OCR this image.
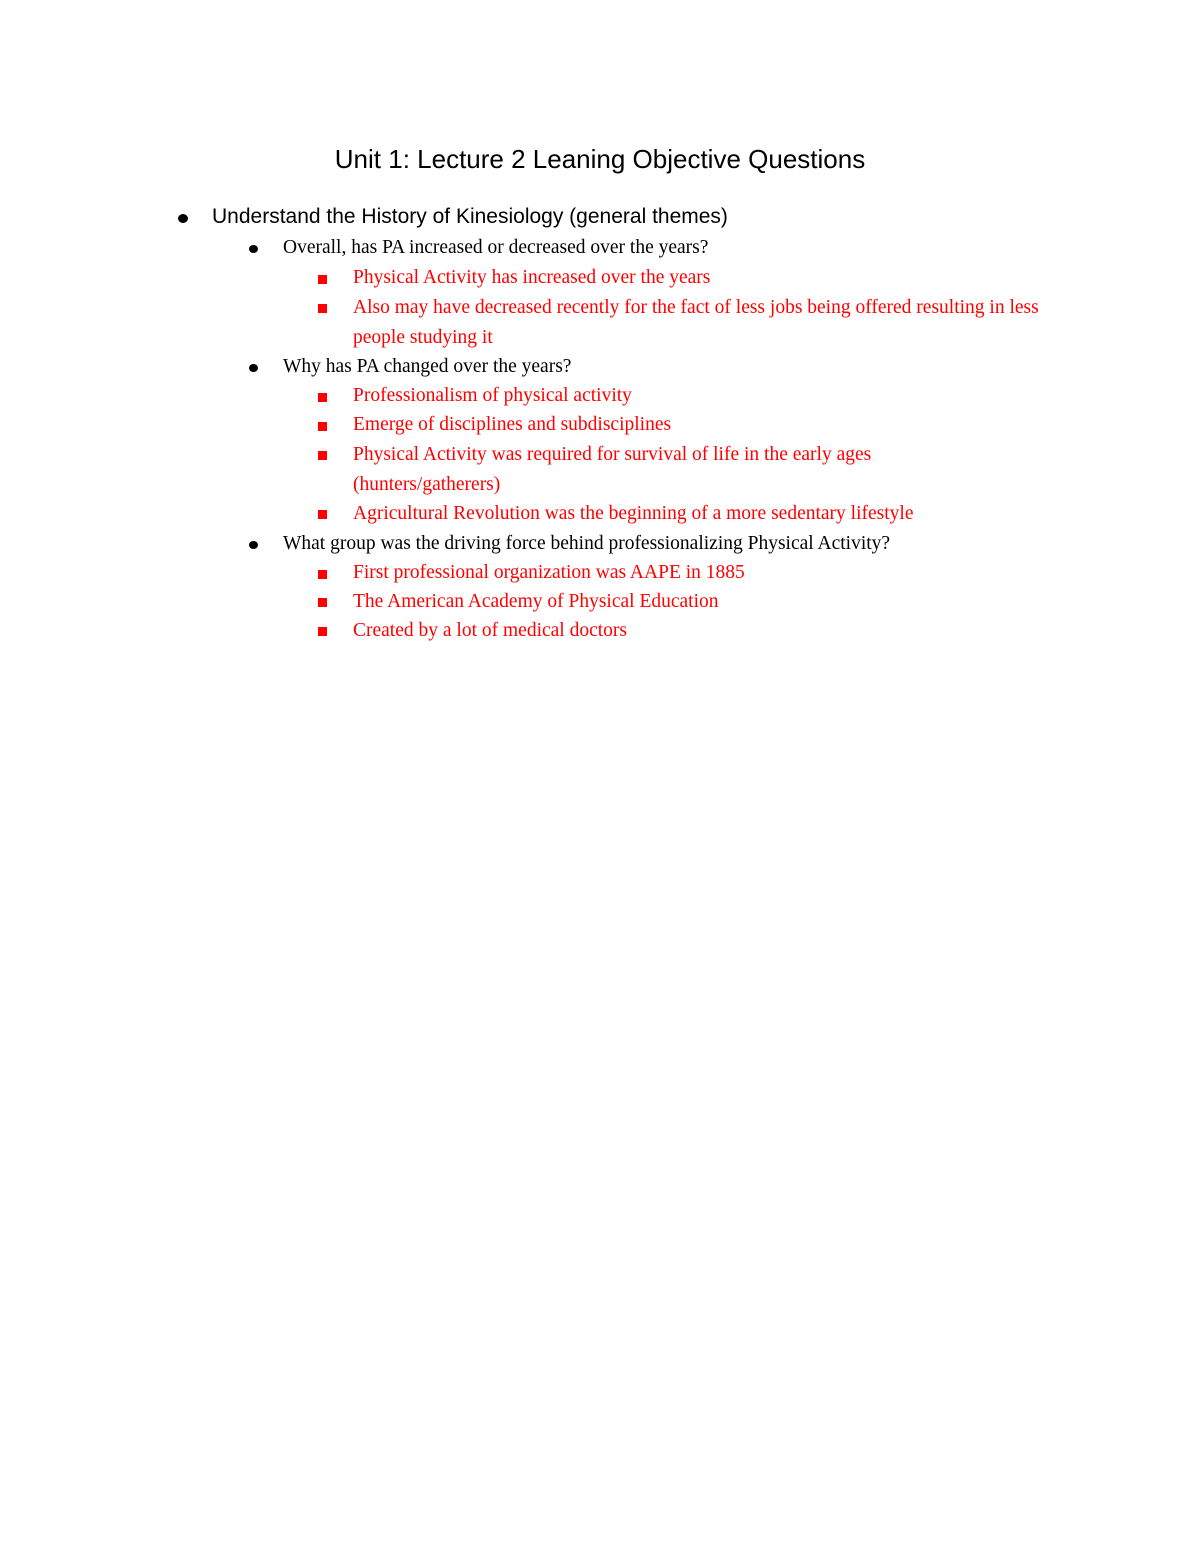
Unit 1: Lecture 2 Leaning Objective Questions
Understand the History of Kinesiology (general themes)
Overall, has PA increased or decreased over the years?
Physical Activity has increased over the years
Also may have decreased recently for the fact of less jobs being offered resulting in less people studying it
Why has PA changed over the years?
Professionalism of physical activity
Emerge of disciplines and subdisciplines
Physical Activity was required for survival of life in the early ages (hunters/gatherers)
Agricultural Revolution was the beginning of a more sedentary lifestyle
What group was the driving force behind professionalizing Physical Activity?
First professional organization was AAPE in 1885
The American Academy of Physical Education
Created by a lot of medical doctors
